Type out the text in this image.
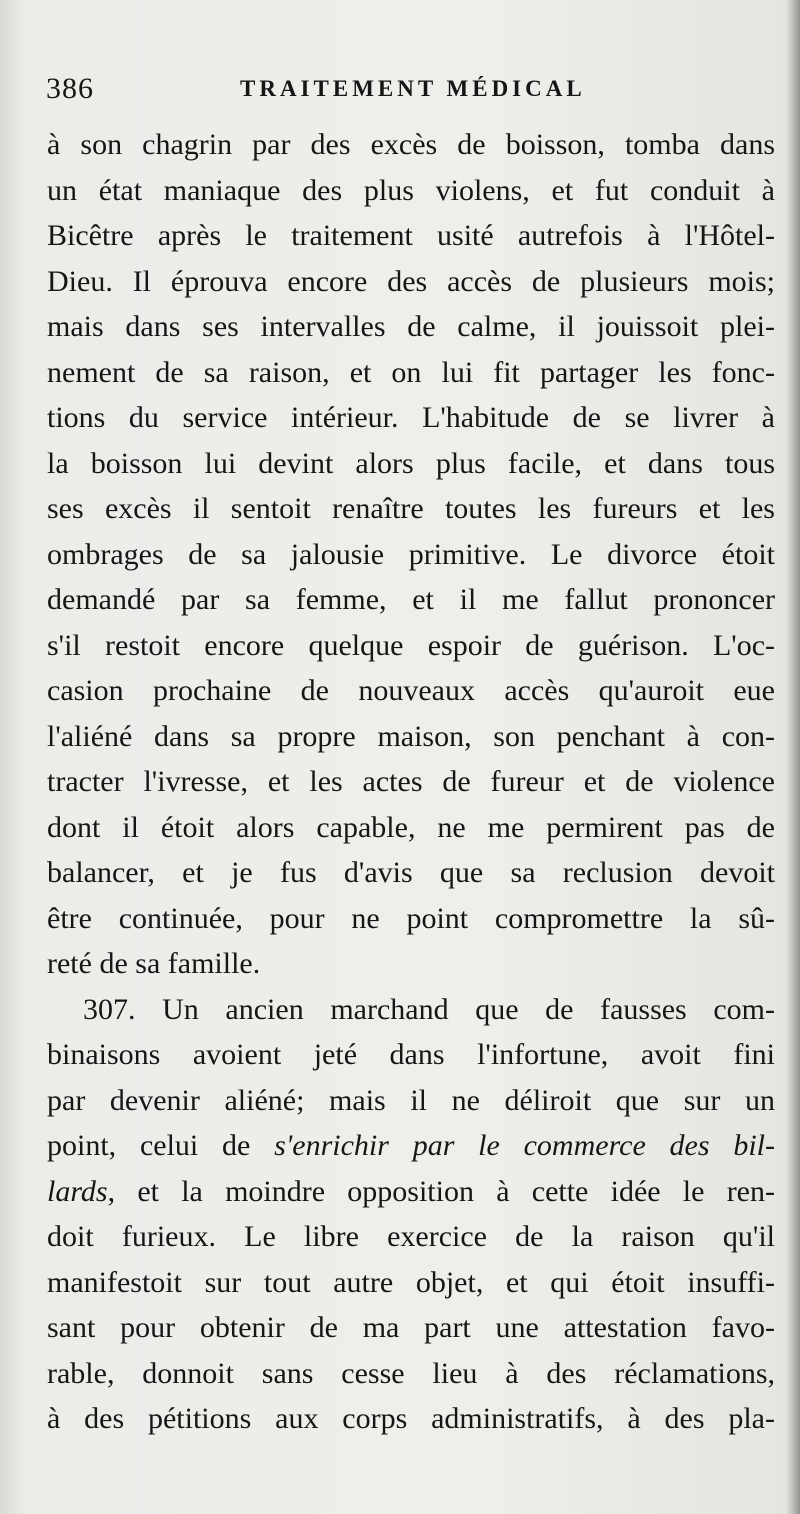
386	TRAITEMENT MÉDICAL
à son chagrin par des excès de boisson, tomba dans
un état maniaque des plus violens, et fut conduit à
Bicêtre après le traitement usité autrefois à l'Hôtel-
Dieu. Il éprouva encore des accès de plusieurs mois;
mais dans ses intervalles de calme, il jouissoit plei-
nement de sa raison, et on lui fit partager les fonc-
tions du service intérieur. L'habitude de se livrer à
la boisson lui devint alors plus facile, et dans tous
ses excès il sentoit renaître toutes les fureurs et les
ombrages de sa jalousie primitive. Le divorce étoit
demandé par sa femme, et il me fallut prononcer
s'il restoit encore quelque espoir de guérison. L'oc-
casion prochaine de nouveaux accès qu'auroit eue
l'aliéné dans sa propre maison, son penchant à con-
tracter l'ivresse, et les actes de fureur et de violence
dont il étoit alors capable, ne me permirent pas de
balancer, et je fus d'avis que sa reclusion devoit
être continuée, pour ne point compromettre la sû-
reté de sa famille.
307. Un ancien marchand que de fausses com-
binaisons avoient jeté dans l'infortune, avoit fini
par devenir aliéné; mais il ne déliroit que sur un
point, celui de s'enrichir par le commerce des bil-
lards, et la moindre opposition à cette idée le ren-
doit furieux. Le libre exercice de la raison qu'il
manifestoit sur tout autre objet, et qui étoit insuffi-
sant pour obtenir de ma part une attestation favo-
rable, donnoit sans cesse lieu à des réclamations,
à des pétitions aux corps administratifs, à des pla-
